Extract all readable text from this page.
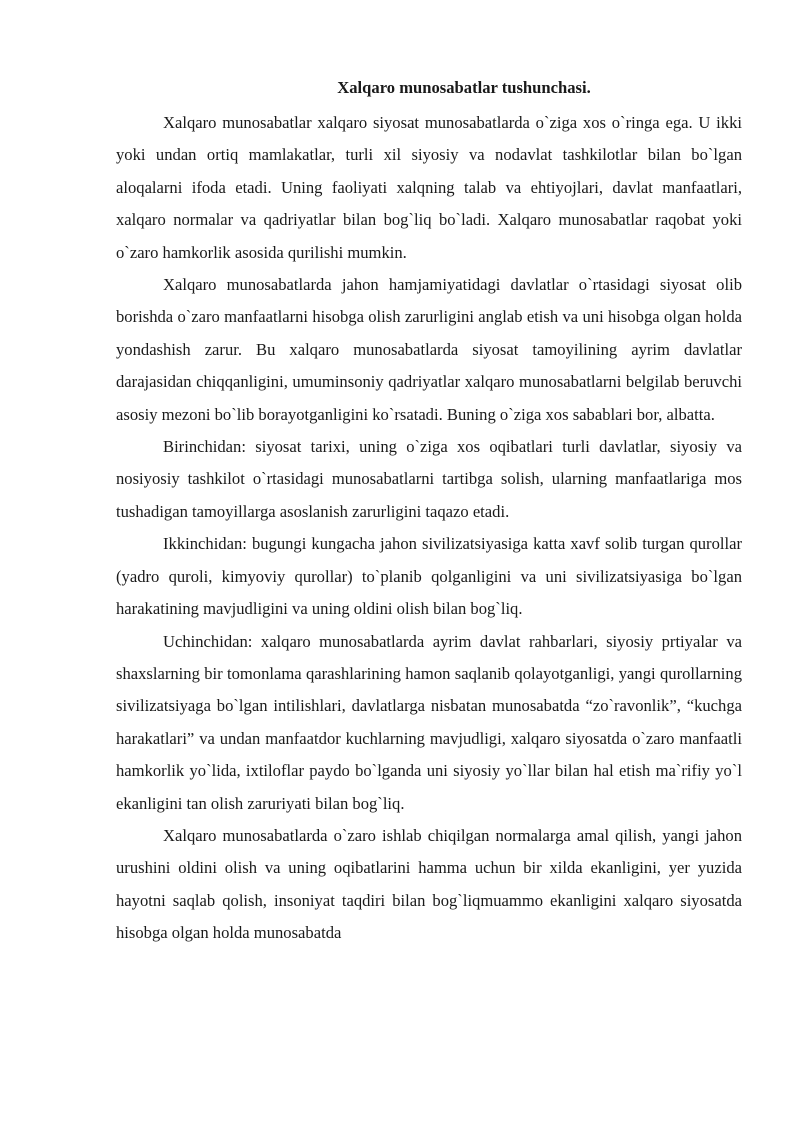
Xalqaro munosabatlar tushunchasi.

Xalqaro munosabatlar xalqaro siyosat munosabatlarda o`ziga xos o`ringa ega. U ikki yoki undan ortiq mamlakatlar, turli xil siyosiy va nodavlat tashkilotlar bilan bo`lgan aloqalarni ifoda etadi. Uning faoliyati xalqning talab va ehtiyojlari, davlat manfaatlari, xalqaro normalar va qadriyatlar bilan bog`liq bo`ladi. Xalqaro munosabatlar raqobat yoki o`zaro hamkorlik asosida qurilishi mumkin.

Xalqaro munosabatlarda jahon hamjamiyatidagi davlatlar o`rtasidagi siyosat olib borishda o`zaro manfaatlarni hisobga olish zarurligini anglab etish va uni hisobga olgan holda yondashish zarur. Bu xalqaro munosabatlarda siyosat tamoyilining ayrim davlatlar darajasidan chiqqanligini, umuminsoniy qadriyatlar xalqaro munosabatlarni belgilab beruvchi asosiy mezoni bo`lib borayotganligini ko`rsatadi. Buning o`ziga xos sabablari bor, albatta.

Birinchidan: siyosat tarixi, uning o`ziga xos oqibatlari turli davlatlar, siyosiy va nosiyosiy tashkilot o`rtasidagi munosabatlarni tartibga solish, ularning manfaatlariga mos tushadigan tamoyillarga asoslanish zarurligini taqazo etadi.

Ikkinchidan: bugungi kungacha jahon sivilizatsiyasiga katta xavf solib turgan qurollar (yadro quroli, kimyoviy qurollar) to`planib qolganligini va uni sivilizatsiyasiga bo`lgan harakatining mavjudligini va uning oldini olish bilan bog`liq.

Uchinchidan: xalqaro munosabatlarda ayrim davlat rahbarlari, siyosiy prtiyalar va shaxslarning bir tomonlama qarashlarining hamon saqlanib qolayotganligi, yangi qurollarning sivilizatsiyaga bo`lgan intilishlari, davlatlarga nisbatan munosabatda “zo`ravonlik”, “kuchga harakatlari” va undan manfaatdor kuchlarning mavjudligi, xalqaro siyosatda o`zaro manfaatli hamkorlik yo`lida, ixtiloflar paydo bo`lganda uni siyosiy yo`llar bilan hal etish ma`rifiy yo`l ekanligini tan olish zaruriyati bilan bog`liq.

Xalqaro munosabatlarda o`zaro ishlab chiqilgan normalarga amal qilish, yangi jahon urushini oldini olish va uning oqibatlarini hamma uchun bir xilda ekanligini, yer yuzida hayotni saqlab qolish, insoniyat taqdiri bilan bog`liqmuammo ekanligini xalqaro siyosatda hisobga olgan holda munosabatda
